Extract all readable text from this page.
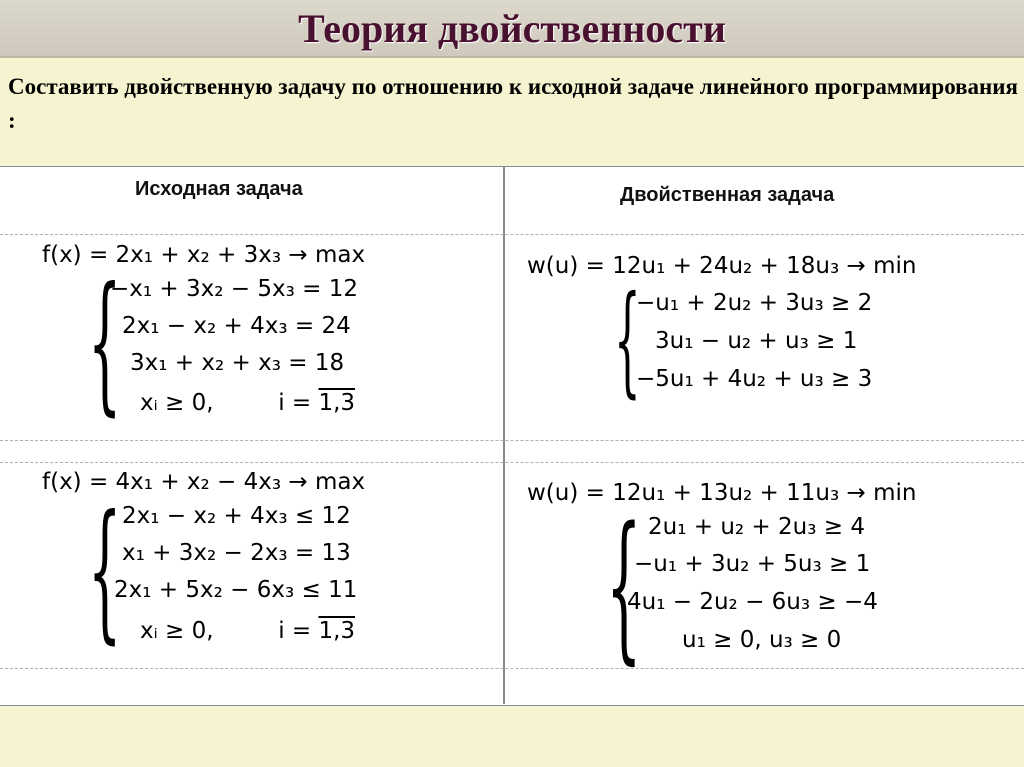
Теория двойственности
Составить двойственную задачу по отношению к исходной задаче линейного программирования :
Исходная задача	Двойственная задача
f(x) = 2x₁ + x₂ + 3x₃ → max
{
−x₁ + 3x₂ − 5x₃ = 12
2x₁ − x₂ + 4x₃ = 24
3x₁ + x₂ + x₃ = 18
xᵢ ≥ 0,	i = 1,3
w(u) = 12u₁ + 24u₂ + 18u₃ → min
{
−u₁ + 2u₂ + 3u₃ ≥ 2
3u₁ − u₂ + u₃ ≥ 1
−5u₁ + 4u₂ + u₃ ≥ 3
f(x) = 4x₁ + x₂ − 4x₃ → max
{ 2x₁ − x₂ + 4x₃ ≤ 12
x₁ + 3x₂ − 2x₃ = 13
2x₁ + 5x₂ − 6x₃ ≤ 11
xᵢ ≥ 0,	i = 1,3
w(u) = 12u₁ + 13u₂ + 11u₃ → min
{ 2u₁ + u₂ + 2u₃ ≥ 4
−u₁ + 3u₂ + 5u₃ ≥ 1
4u₁ − 2u₂ − 6u₃ ≥ −4
u₁ ≥ 0, u₃ ≥ 0
